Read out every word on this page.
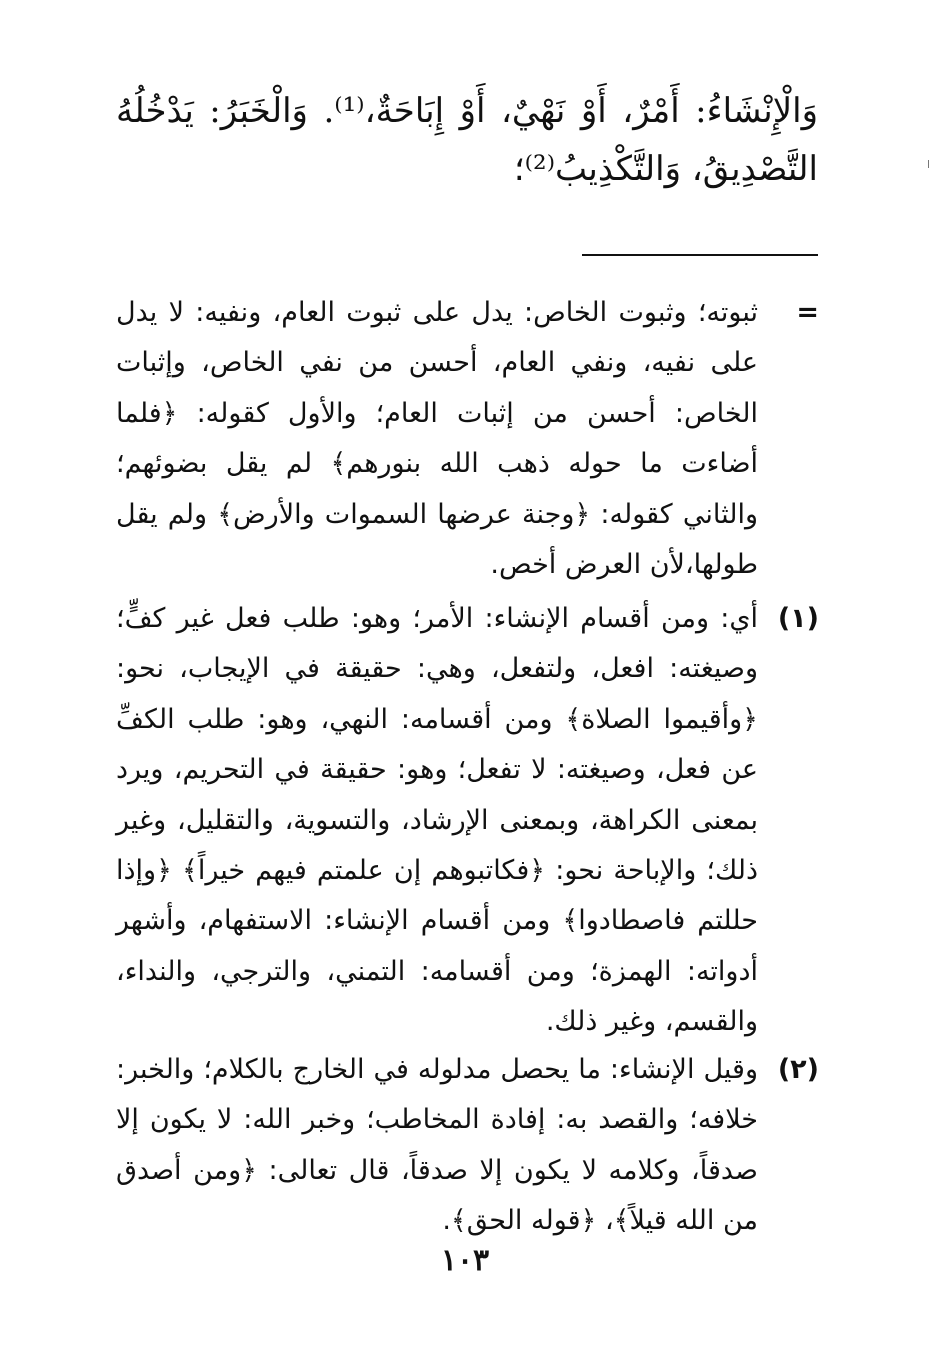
وَالْإِنْشَاءُ: أَمْرٌ، أَوْ نَهْيٌ، أَوْ إِبَاحَةٌ،⁽¹⁾. وَالْخَبَرُ: يَدْخُلُهُ التَّصْدِيقُ، وَالتَّكْذِيبُ⁽²⁾؛

=
ثبوته؛ وثبوت الخاص: يدل على ثبوت العام، ونفيه: لا يدل على نفيه، ونفي العام، أحسن من نفي الخاص، وإثبات الخاص: أحسن من إثبات العام؛ والأول كقوله: ﴿فلما أضاءت ما حوله ذهب الله بنورهم﴾ لم يقل بضوئهم؛ والثاني كقوله: ﴿وجنة عرضها السموات والأرض﴾ ولم يقل طولها،لأن العرض أخص.
(١)
أي: ومن أقسام الإنشاء: الأمر؛ وهو: طلب فعل غير كفٍّ؛ وصيغته: افعل، ولتفعل، وهي: حقيقة في الإيجاب، نحو: ﴿وأقيموا الصلاة﴾ ومن أقسامه: النهي، وهو: طلب الكفِّ عن فعل، وصيغته: لا تفعل؛ وهو: حقيقة في التحريم، ويرد بمعنى الكراهة، وبمعنى الإرشاد، والتسوية، والتقليل، وغير ذلك؛ والإباحة نحو: ﴿فكاتبوهم إن علمتم فيهم خيراً﴾ ﴿وإذا حللتم فاصطادوا﴾ ومن أقسام الإنشاء: الاستفهام، وأشهر أدواته: الهمزة؛ ومن أقسامه: التمني، والترجي، والنداء، والقسم، وغير ذلك.
(٢)
وقيل الإنشاء: ما يحصل مدلوله في الخارج بالكلام؛ والخبر: خلافه؛ والقصد به: إفادة المخاطب؛ وخبر الله: لا يكون إلا صدقاً، وكلامه لا يكون إلا صدقاً، قال تعالى: ﴿ومن أصدق من الله قيلاً﴾، ﴿قوله الحق﴾.
١٠٣
